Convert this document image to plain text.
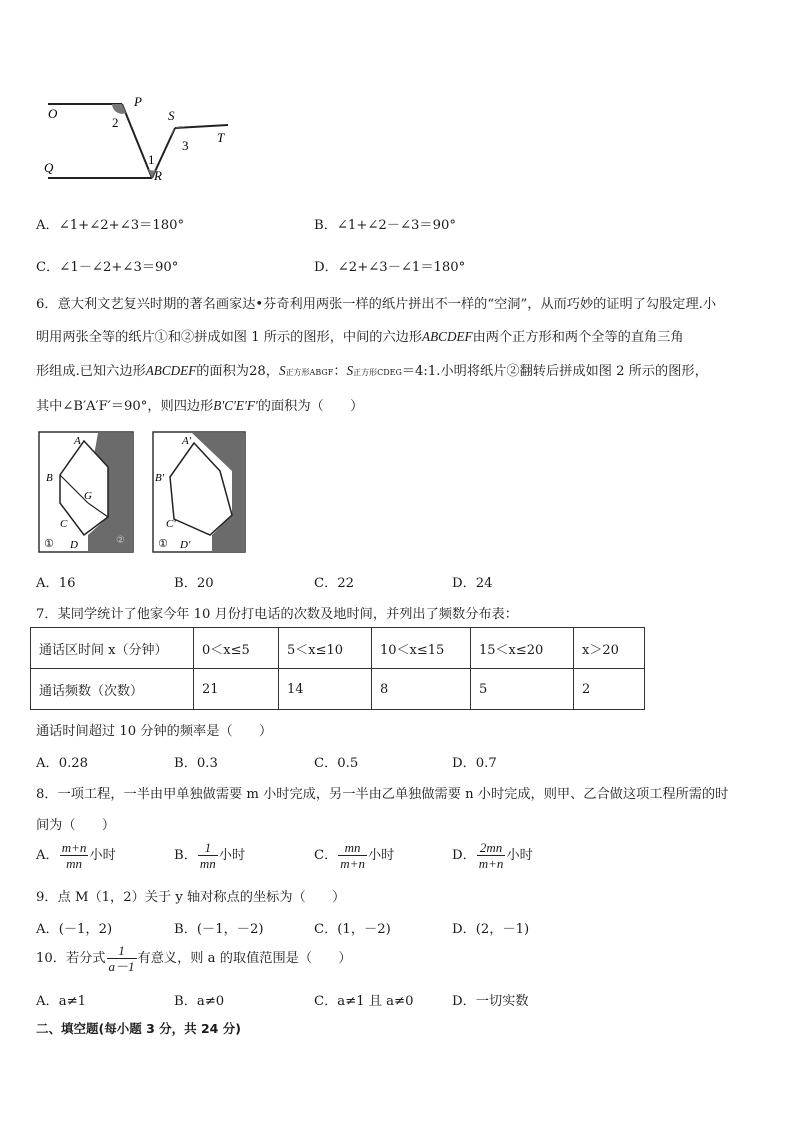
O
P
S
T
Q
R
1
2
3
A．∠1+∠2+∠3＝180°	B．∠1+∠2－∠3＝90°
C．∠1－∠2+∠3＝90°	D．∠2+∠3－∠1＝180°
6．意大利文艺复兴时期的著名画家达•芬奇利用两张一样的纸片拼出不一样的“空洞”，从而巧妙的证明了勾股定理.小
明用两张全等的纸片①和②拼成如图 1 所示的图形，中间的六边形ABCDEF由两个正方形和两个全等的直角三角
形组成.已知六边形ABCDEF的面积为28，S正方形ABGF：S正方形CDEG＝4:1.小明将纸片②翻转后拼成如图 2 所示的图形，
其中∠B′A′F′＝90°，则四边形B′C′E′F′的面积为（　　）
A
B
G
C
D
①	②
A′
B′
C′
D′
①
A．16	B．20	C．22	D．24
7．某同学统计了他家今年 10 月份打电话的次数及地时间，并列出了频数分布表：
通话区时间 x（分钟）	0＜x≤5	5＜x≤10	10＜x≤15	15＜x≤20	x＞20
通话频数（次数）	21	14	8	5	2
通话时间超过 10 分钟的频率是（　　）
A．0.28	B．0.3	C．0.5	D．0.7
8．一项工程，一半由甲单独做需要 m 小时完成，另一半由乙单独做需要 n 小时完成，则甲、乙合做这项工程所需的时
间为（　　）
A． $\frac{m+n}{mn}$ 小时	B． $\frac{1}{mn}$ 小时	C． $\frac{mn}{m+n}$ 小时	D． $\frac{2mn}{m+n}$ 小时
9．点 M（1，2）关于 y 轴对称点的坐标为（　　）
A．(－1，2)	B．(－1，－2)	C．(1，－2)	D．(2，－1)
10．若分式 $\frac{1}{a-1}$ 有意义，则 a 的取值范围是（　　）
A．a≠1	B．a≠0	C．a≠1 且 a≠0	D．一切实数
二、填空题(每小题 3 分，共 24 分)
